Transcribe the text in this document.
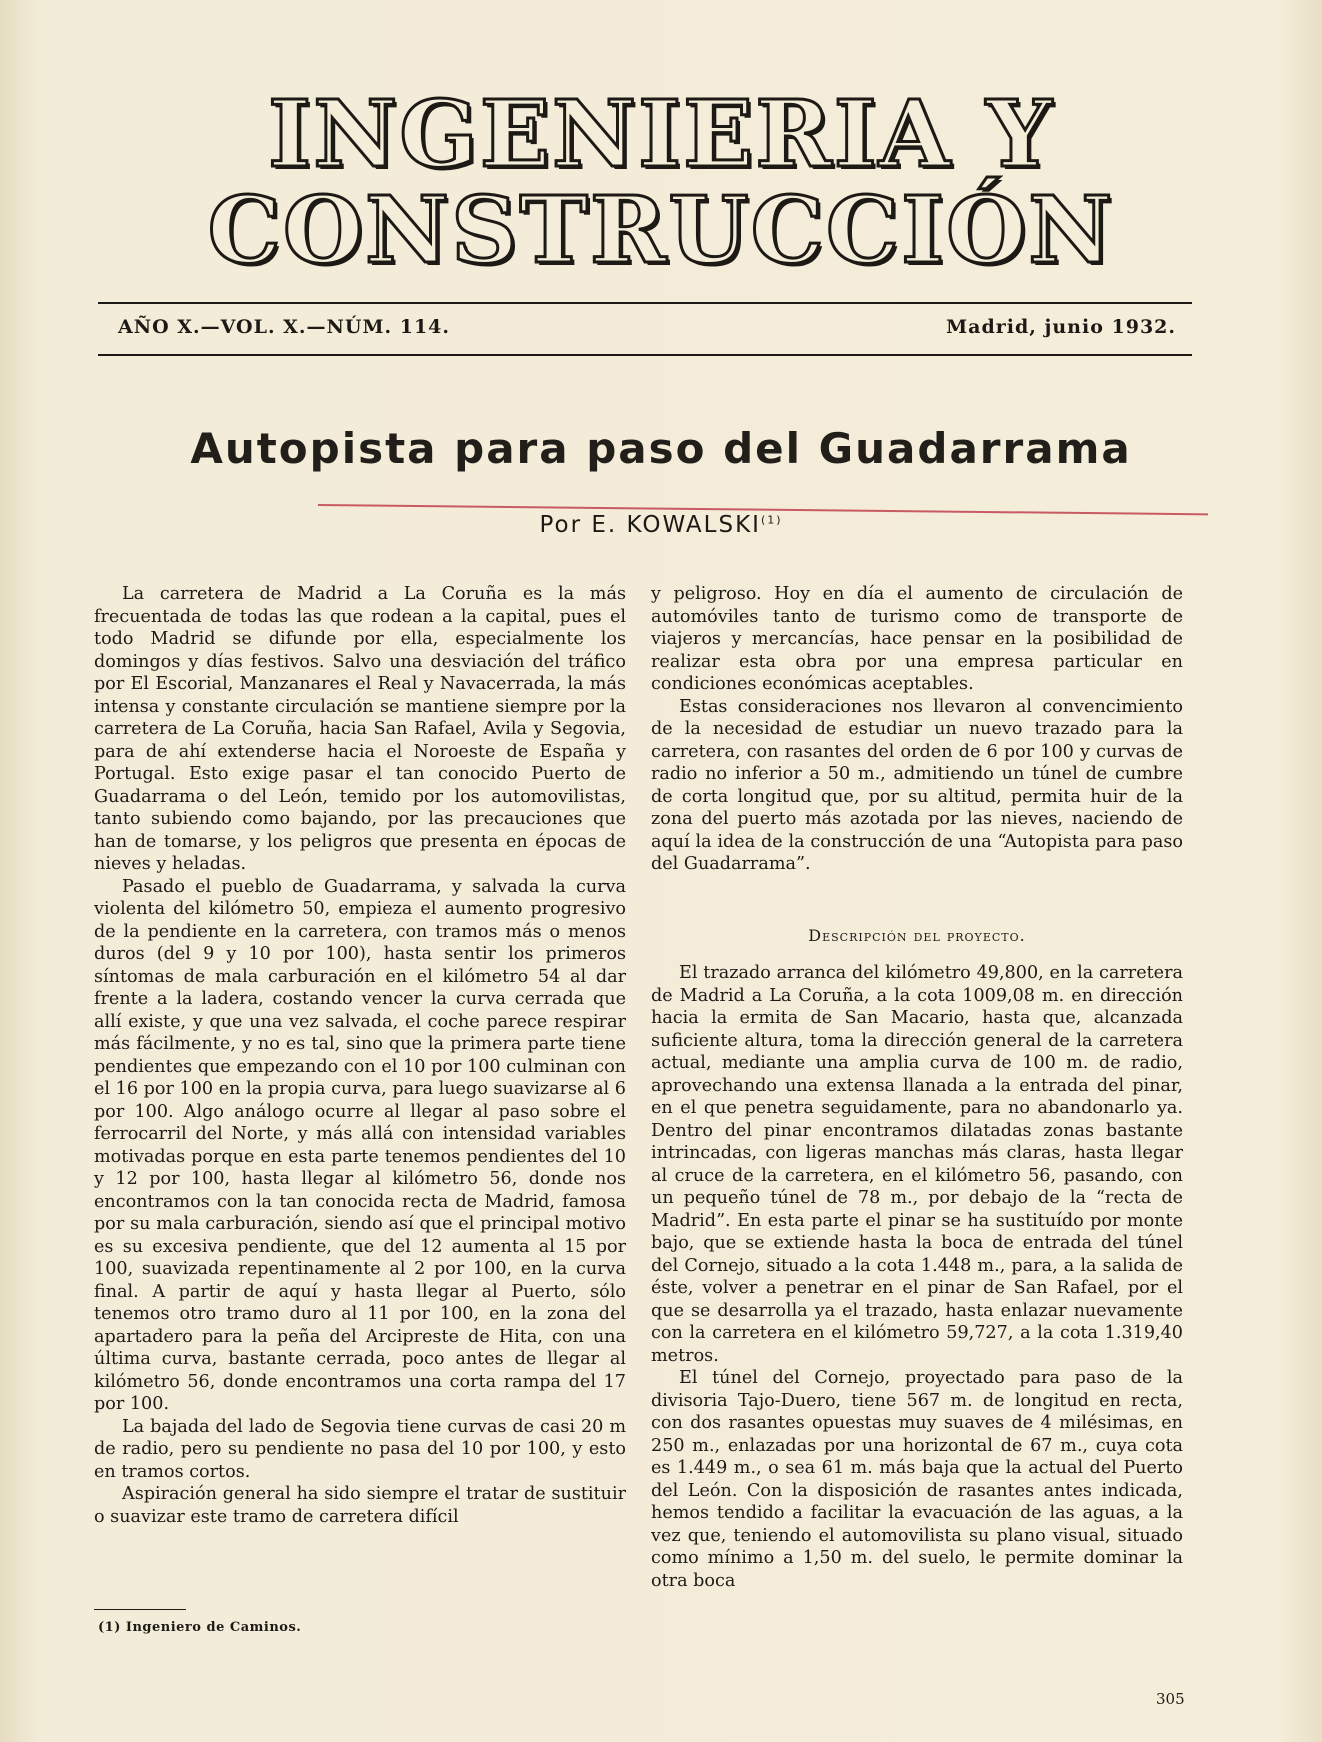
INGENIERIA Y
CONSTRUCCIÓN
AÑO X.—VOL. X.—NÚM. 114.	Madrid, junio 1932.
Autopista para paso del Guadarrama
Por E. KOWALSKI$^{(1)}$

La carretera de Madrid a La Coruña es la más frecuentada de todas las que rodean a la capital, pues el todo Madrid se difunde por ella, especialmente los domingos y días festivos. Salvo una desviación del tráfico por El Escorial, Manzanares el Real y Navacerrada, la más intensa y constante circulación se mantiene siempre por la carretera de La Coruña, hacia San Rafael, Avila y Segovia, para de ahí extenderse hacia el Noroeste de España y Portugal. Esto exige pasar el tan conocido Puerto de Guadarrama o del León, temido por los automovilistas, tanto subiendo como bajando, por las precauciones que han de tomarse, y los peligros que presenta en épocas de nieves y heladas.

Pasado el pueblo de Guadarrama, y salvada la curva violenta del kilómetro 50, empieza el aumento progresivo de la pendiente en la carretera, con tramos más o menos duros (del 9 y 10 por 100), hasta sentir los primeros síntomas de mala carburación en el kilómetro 54 al dar frente a la ladera, costando vencer la curva cerrada que allí existe, y que una vez salvada, el coche parece respirar más fácilmente, y no es tal, sino que la primera parte tiene pendientes que empezando con el 10 por 100 culminan con el 16 por 100 en la propia curva, para luego suavizarse al 6 por 100. Algo análogo ocurre al llegar al paso sobre el ferrocarril del Norte, y más allá con intensidad variables motivadas porque en esta parte tenemos pendientes del 10 y 12 por 100, hasta llegar al kilómetro 56, donde nos encontramos con la tan conocida recta de Madrid, famosa por su mala carburación, siendo así que el principal motivo es su excesiva pendiente, que del 12 aumenta al 15 por 100, suavizada repentinamente al 2 por 100, en la curva final. A partir de aquí y hasta llegar al Puerto, sólo tenemos otro tramo duro al 11 por 100, en la zona del apartadero para la peña del Arcipreste de Hita, con una última curva, bastante cerrada, poco antes de llegar al kilómetro 56, donde encontramos una corta rampa del 17 por 100.

La bajada del lado de Segovia tiene curvas de casi 20 m de radio, pero su pendiente no pasa del 10 por 100, y esto en tramos cortos.

Aspiración general ha sido siempre el tratar de sustituir o suavizar este tramo de carretera difícil

y peligroso. Hoy en día el aumento de circulación de automóviles tanto de turismo como de transporte de viajeros y mercancías, hace pensar en la posibilidad de realizar esta obra por una empresa particular en condiciones económicas aceptables.

Estas consideraciones nos llevaron al convencimiento de la necesidad de estudiar un nuevo trazado para la carretera, con rasantes del orden de 6 por 100 y curvas de radio no inferior a 50 m., admitiendo un túnel de cumbre de corta longitud que, por su altitud, permita huir de la zona del puerto más azotada por las nieves, naciendo de aquí la idea de la construcción de una “Autopista para paso del Guadarrama”.

Descripción del proyecto.

El trazado arranca del kilómetro 49,800, en la carretera de Madrid a La Coruña, a la cota 1009,08 m. en dirección hacia la ermita de San Macario, hasta que, alcanzada suficiente altura, toma la dirección general de la carretera actual, mediante una amplia curva de 100 m. de radio, aprovechando una extensa llanada a la entrada del pinar, en el que penetra seguidamente, para no abandonarlo ya. Dentro del pinar encontramos dilatadas zonas bastante intrincadas, con ligeras manchas más claras, hasta llegar al cruce de la carretera, en el kilómetro 56, pasando, con un pequeño túnel de 78 m., por debajo de la “recta de Madrid”. En esta parte el pinar se ha sustituído por monte bajo, que se extiende hasta la boca de entrada del túnel del Cornejo, situado a la cota 1.448 m., para, a la salida de éste, volver a penetrar en el pinar de San Rafael, por el que se desarrolla ya el trazado, hasta enlazar nuevamente con la carretera en el kilómetro 59,727, a la cota 1.319,40 metros.

El túnel del Cornejo, proyectado para paso de la divisoria Tajo-Duero, tiene 567 m. de longitud en recta, con dos rasantes opuestas muy suaves de 4 milésimas, en 250 m., enlazadas por una horizontal de 67 m., cuya cota es 1.449 m., o sea 61 m. más baja que la actual del Puerto del León. Con la disposición de rasantes antes indicada, hemos tendido a facilitar la evacuación de las aguas, a la vez que, teniendo el automovilista su plano visual, situado como mínimo a 1,50 m. del suelo, le permite dominar la otra boca

(1) Ingeniero de Caminos.
305
